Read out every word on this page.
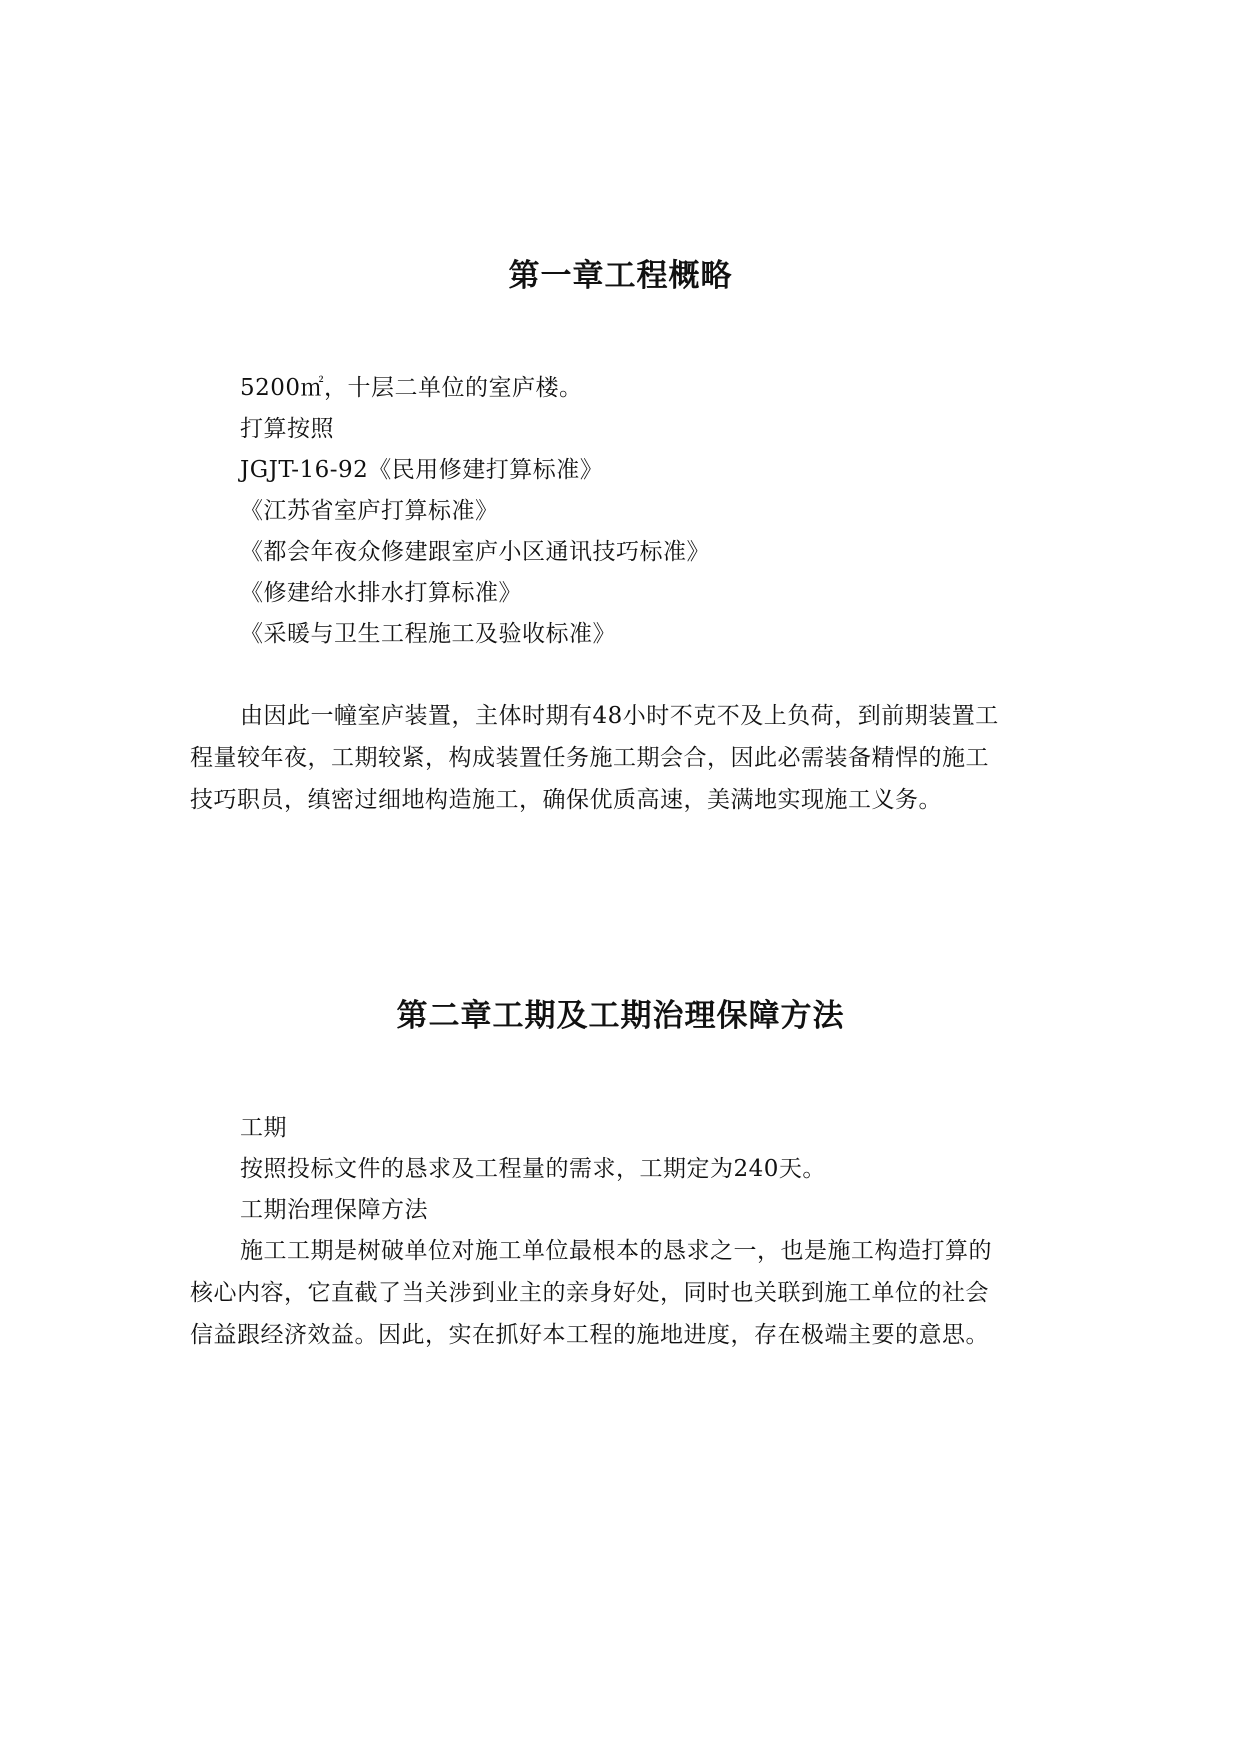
第一章工程概略
5200㎡，十层二单位的室庐楼。
打算按照
JGJT-16-92《民用修建打算标准》
《江苏省室庐打算标准》
《都会年夜众修建跟室庐小区通讯技巧标准》
《修建给水排水打算标准》
《采暖与卫生工程施工及验收标准》
由因此一幢室庐装置，主体时期有48小时不克不及上负荷，到前期装置工
程量较年夜，工期较紧，构成装置任务施工期会合，因此必需装备精悍的施工
技巧职员，缜密过细地构造施工，确保优质高速，美满地实现施工义务。
第二章工期及工期治理保障方法
工期
按照投标文件的恳求及工程量的需求，工期定为240天。
工期治理保障方法
施工工期是树破单位对施工单位最根本的恳求之一，也是施工构造打算的
核心内容，它直截了当关涉到业主的亲身好处，同时也关联到施工单位的社会
信益跟经济效益。因此，实在抓好本工程的施地进度，存在极端主要的意思。
